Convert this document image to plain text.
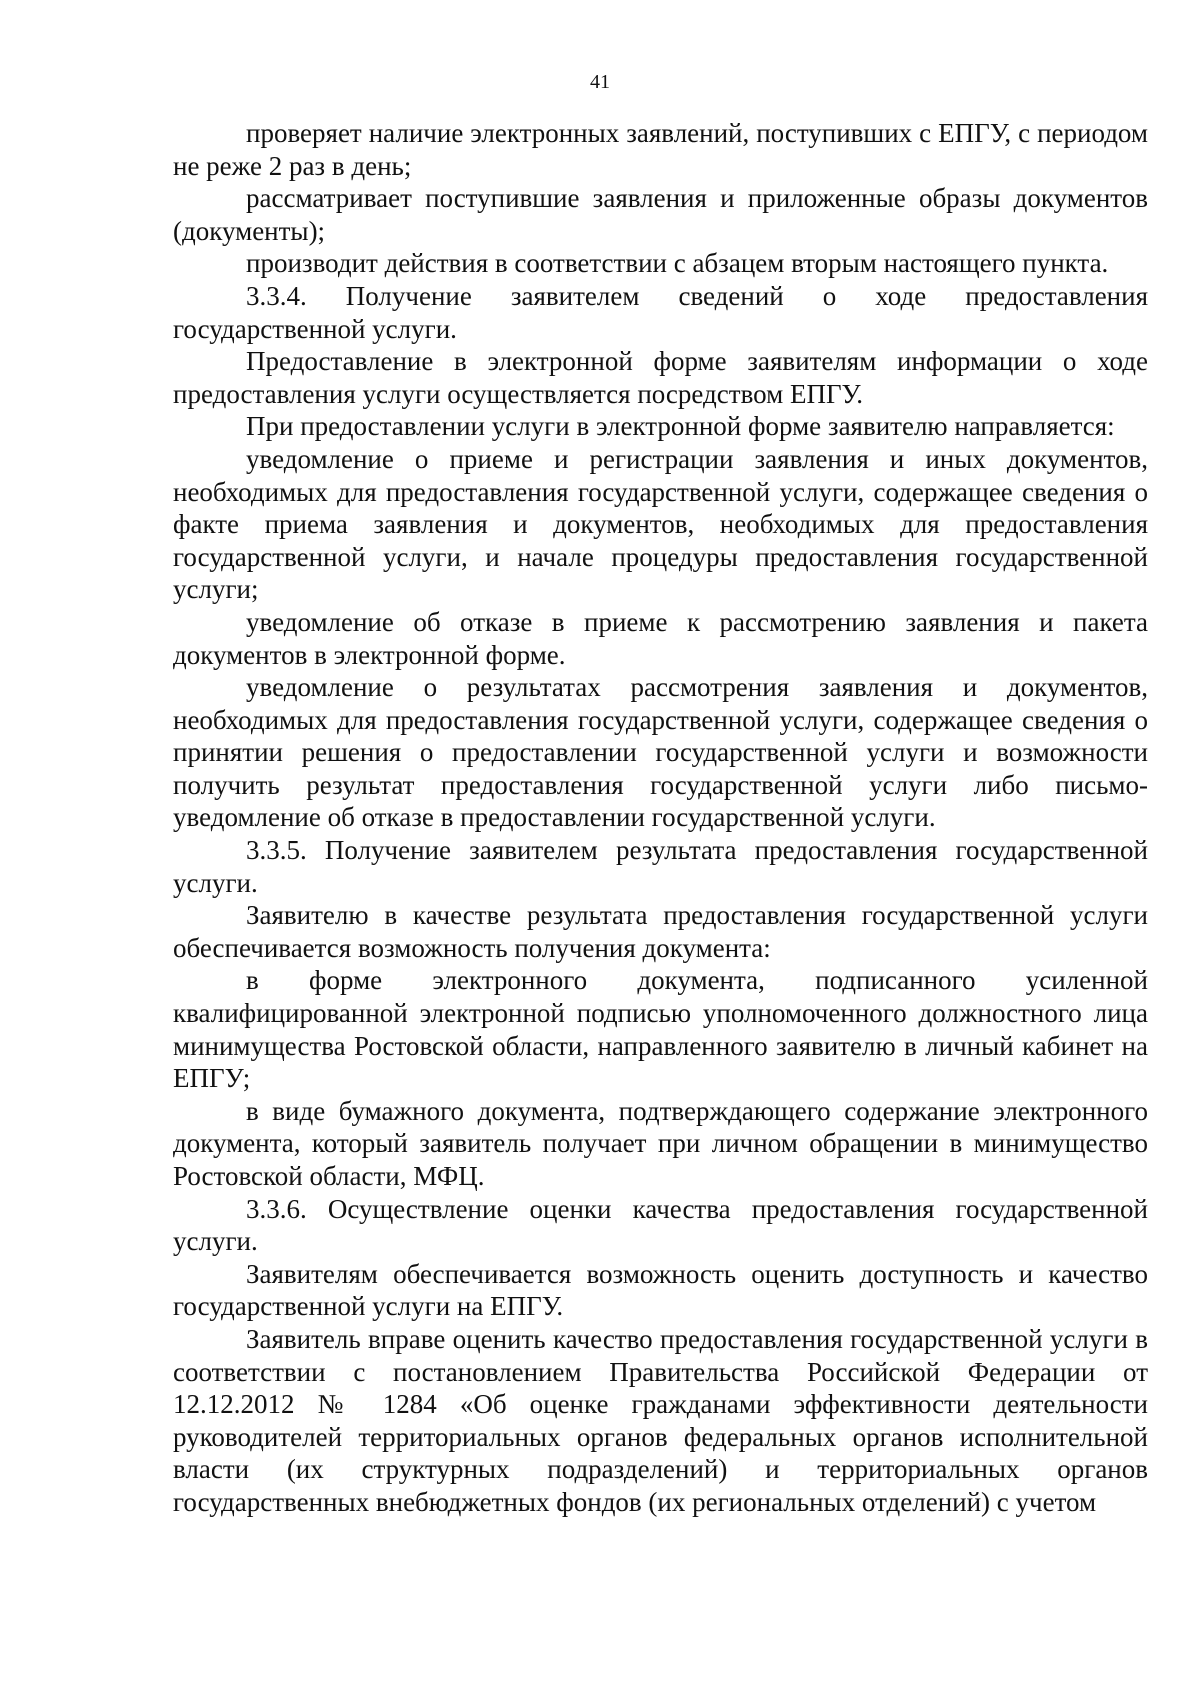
41

проверяет наличие электронных заявлений, поступивших с ЕПГУ, с периодом не реже 2 раз в день;

рассматривает поступившие заявления и приложенные образы документов (документы);

производит действия в соответствии с абзацем вторым настоящего пункта.

3.3.4. Получение заявителем сведений о ходе предоставления государственной услуги.

Предоставление в электронной форме заявителям информации о ходе предоставления услуги осуществляется посредством ЕПГУ.

При предоставлении услуги в электронной форме заявителю направляется:

уведомление о приеме и регистрации заявления и иных документов, необходимых для предоставления государственной услуги, содержащее сведения о факте приема заявления и документов, необходимых для предоставления государственной услуги, и начале процедуры предоставления государственной услуги;

уведомление об отказе в приеме к рассмотрению заявления и пакета документов в электронной форме.

уведомление о результатах рассмотрения заявления и документов, необходимых для предоставления государственной услуги, содержащее сведения о принятии решения о предоставлении государственной услуги и возможности получить результат предоставления государственной услуги либо письмо-уведомление об отказе в предоставлении государственной услуги.

3.3.5. Получение заявителем результата предоставления государственной услуги.

Заявителю в качестве результата предоставления государственной услуги обеспечивается возможность получения документа:

в форме электронного документа, подписанного усиленной квалифицированной электронной подписью уполномоченного должностного лица минимущества Ростовской области, направленного заявителю в личный кабинет на ЕПГУ;

в виде бумажного документа, подтверждающего содержание электронного документа, который заявитель получает при личном обращении в минимущество Ростовской области, МФЦ.

3.3.6. Осуществление оценки качества предоставления государственной услуги.

Заявителям обеспечивается возможность оценить доступность и качество государственной услуги на ЕПГУ.

Заявитель вправе оценить качество предоставления государственной услуги в соответствии с постановлением Правительства Российской Федерации от 12.12.2012 № 1284 «Об оценке гражданами эффективности деятельности руководителей территориальных органов федеральных органов исполнительной власти (их структурных подразделений) и территориальных органов государственных внебюджетных фондов (их региональных отделений) с учетом
